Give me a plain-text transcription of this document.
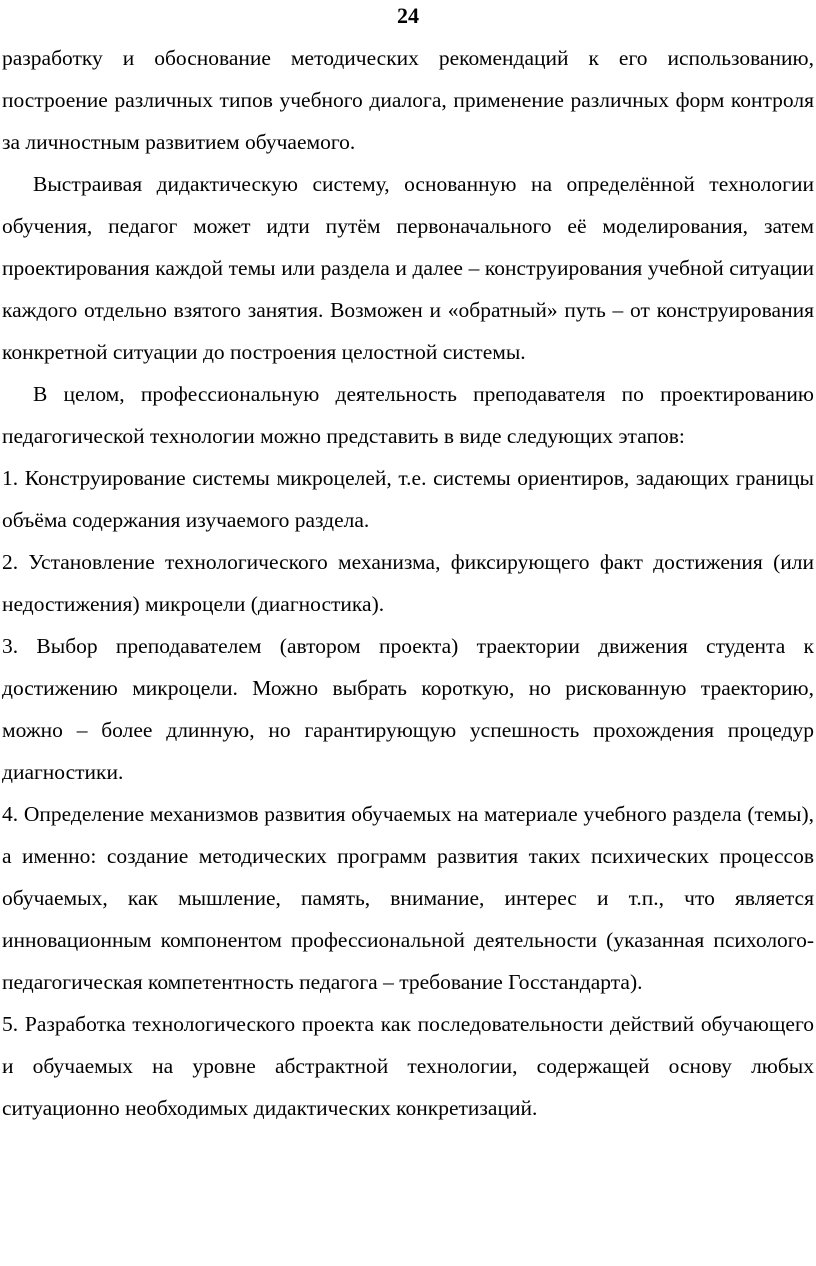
24

разработку и обоснование методических рекомендаций к его использованию, построение различных типов учебного диалога, применение различных форм контроля за личностным развитием обучаемого.

Выстраивая дидактическую систему, основанную на определённой технологии обучения, педагог может идти путём первоначального её моделирования, затем проектирования каждой темы или раздела и далее – конструирования учебной ситуации каждого отдельно взятого занятия. Возможен и «обратный» путь – от конструирования конкретной ситуации до построения целостной системы.

В целом, профессиональную деятельность преподавателя по проектированию педагогической технологии можно представить в виде следующих этапов:

1. Конструирование системы микроцелей, т.е. системы ориентиров, задающих границы объёма содержания изучаемого раздела.

2. Установление технологического механизма, фиксирующего факт достижения (или недостижения) микроцели (диагностика).

3. Выбор преподавателем (автором проекта) траектории движения студента к достижению микроцели. Можно выбрать короткую, но рискованную траекторию, можно – более длинную, но гарантирующую успешность прохождения процедур диагностики.

4. Определение механизмов развития обучаемых на материале учебного раздела (темы), а именно: создание методических программ развития таких психических процессов обучаемых, как мышление, память, внимание, интерес и т.п., что является инновационным компонентом профессиональной деятельности (указанная психолого-педагогическая компетентность педагога – требование Госстандарта).

5. Разработка технологического проекта как последовательности действий обучающего и обучаемых на уровне абстрактной технологии, содержащей основу любых ситуационно необходимых дидактических конкретизаций.
